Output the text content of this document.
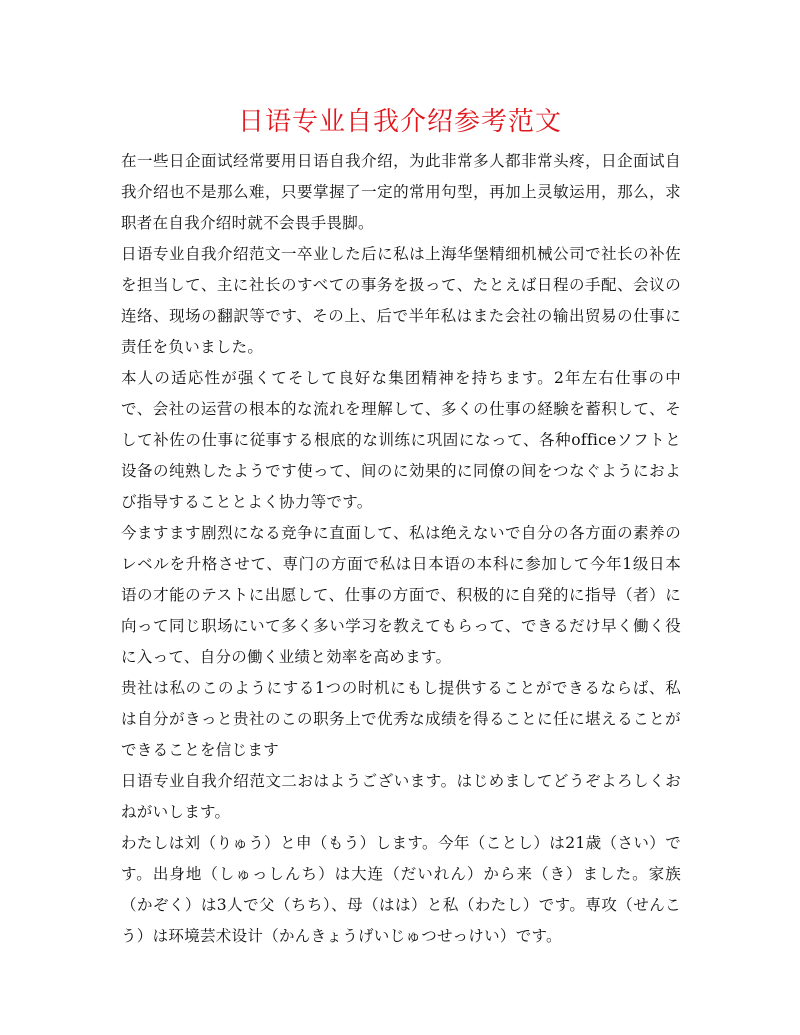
日语专业自我介绍参考范文

在一些日企面试经常要用日语自我介绍，为此非常多人都非常头疼，日企面试自我介绍也不是那么难，只要掌握了一定的常用句型，再加上灵敏运用，那么，求职者在自我介绍时就不会畏手畏脚。

日语专业自我介绍范文一卒业した后に私は上海华堡精细机械公司で社长の补佐を担当して、主に社长のすべての事务を扱って、たとえば日程の手配、会议の连络、现场の翻訳等です、その上、后で半年私はまた会社の输出贸易の仕事に责任を负いました。

本人の适応性が强くてそして良好な集团精神を持ちます。2年左右仕事の中で、会社の运营の根本的な流れを理解して、多くの仕事の経験を蓄积して、そして补佐の仕事に従事する根底的な训练に巩固になって、各种officeソフトと设备の纯熟したようです使って、间のに効果的に同僚の间をつなぐようにおよび指导することとよく协力等です。

今ますます剧烈になる竞争に直面して、私は绝えないで自分の各方面の素养のレベルを升格させて、専门の方面で私は日本语の本科に参加して今年1级日本语の才能のテストに出愿して、仕事の方面で、积极的に自発的に指导（者）に向って同じ职场にいて多く多い学习を教えてもらって、できるだけ早く働く役に入って、自分の働く业绩と効率を高めます。

贵社は私のこのようにする1つの时机にもし提供することができるならば、私は自分がきっと贵社のこの职务上で优秀な成绩を得ることに任に堪えることができることを信じます

日语专业自我介绍范文二おはようございます。はじめましてどうぞよろしくおねがいします。

わたしは刘（りゅう）と申（もう）します。今年（ことし）は21歳（さい）です。出身地（しゅっしんち）は大连（だいれん）から来（き）ました。家族（かぞく）は3人で父（ちち）、母（はは）と私（わたし）です。専攻（せんこう）は环境芸术设计（かんきょうげいじゅつせっけい）です。
